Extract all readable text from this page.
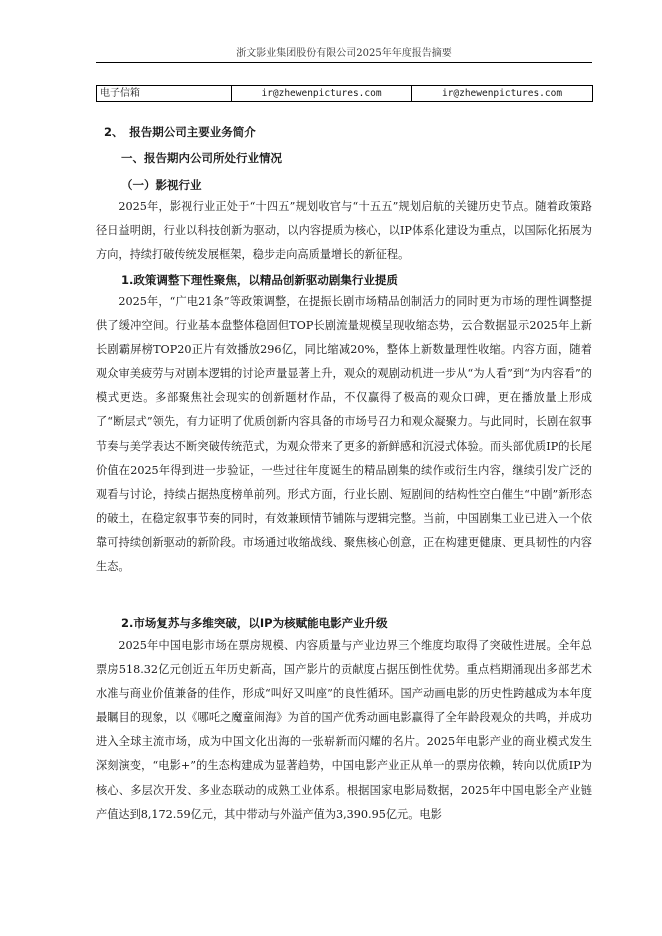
浙文影业集团股份有限公司2025年年度报告摘要
电子信箱	ir@zhewenpictures.com	ir@zhewenpictures.com
2、　报告期公司主要业务简介
一、报告期内公司所处行业情况
（一）影视行业

2025年，影视行业正处于“十四五”规划收官与“十五五”规划启航的关键历史节点。随着政策路径日益明朗，行业以科技创新为驱动，以内容提质为核心，以IP体系化建设为重点，以国际化拓展为方向，持续打破传统发展框架，稳步走向高质量增长的新征程。

1.政策调整下理性聚焦，以精品创新驱动剧集行业提质

2025年，“广电21条”等政策调整，在提振长剧市场精品创制活力的同时更为市场的理性调整提供了缓冲空间。行业基本盘整体稳固但TOP长剧流量规模呈现收缩态势，云合数据显示2025年上新长剧霸屏榜TOP20正片有效播放296亿，同比缩减20%，整体上新数量理性收缩。内容方面，随着观众审美疲劳与对剧本逻辑的讨论声量显著上升，观众的观剧动机进一步从“为人看”到“为内容看”的模式更迭。多部聚焦社会现实的创新题材作品，不仅赢得了极高的观众口碑，更在播放量上形成了“断层式”领先，有力证明了优质创新内容具备的市场号召力和观众凝聚力。与此同时，长剧在叙事节奏与美学表达不断突破传统范式，为观众带来了更多的新鲜感和沉浸式体验。而头部优质IP的长尾价值在2025年得到进一步验证，一些过往年度诞生的精品剧集的续作或衍生内容，继续引发广泛的观看与讨论，持续占据热度榜单前列。形式方面，行业长剧、短剧间的结构性空白催生“中剧”新形态的破土，在稳定叙事节奏的同时，有效兼顾情节铺陈与逻辑完整。当前，中国剧集工业已进入一个依靠可持续创新驱动的新阶段。市场通过收缩战线、聚焦核心创意，正在构建更健康、更具韧性的内容生态。

2.市场复苏与多维突破，以IP为核赋能电影产业升级

2025年中国电影市场在票房规模、内容质量与产业边界三个维度均取得了突破性进展。全年总票房518.32亿元创近五年历史新高，国产影片的贡献度占据压倒性优势。重点档期涌现出多部艺术水准与商业价值兼备的佳作，形成“叫好又叫座”的良性循环。国产动画电影的历史性跨越成为本年度最瞩目的现象，以《哪吒之魔童闹海》为首的国产优秀动画电影赢得了全年龄段观众的共鸣，并成功进入全球主流市场，成为中国文化出海的一张崭新而闪耀的名片。2025年电影产业的商业模式发生深刻演变，“电影+”的生态构建成为显著趋势，中国电影产业正从单一的票房依赖，转向以优质IP为核心、多层次开发、多业态联动的成熟工业体系。根据国家电影局数据，2025年中国电影全产业链产值达到8,172.59亿元，其中带动与外溢产值为3,390.95亿元。电影
